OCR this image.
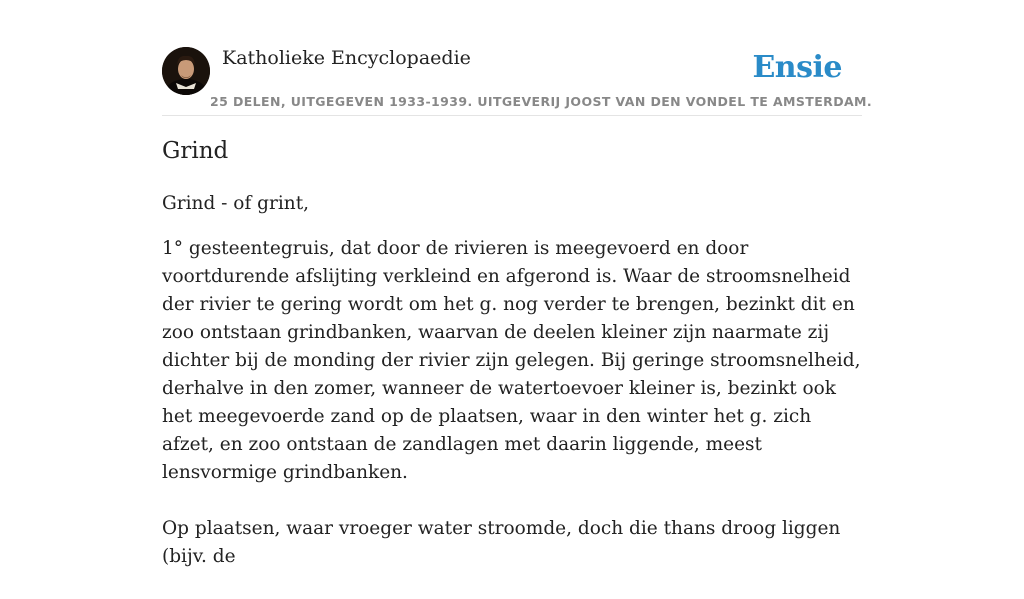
Katholieke Encyclopaedie	Ensie
25 DELEN, UITGEGEVEN 1933-1939. UITGEVERIJ JOOST VAN DEN VONDEL TE AMSTERDAM.
Grind

Grind - of grint,

1° gesteentegruis, dat door de rivieren is meegevoerd en door voortdurende afslijting verkleind en afgerond is. Waar de stroomsnelheid der rivier te gering wordt om het g. nog verder te brengen, bezinkt dit en zoo ontstaan grindbanken, waarvan de deelen kleiner zijn naarmate zij dichter bij de monding der rivier zijn gelegen. Bij geringe stroomsnelheid, derhalve in den zomer, wanneer de watertoevoer kleiner is, bezinkt ook het meegevoerde zand op de plaatsen, waar in den winter het g. zich afzet, en zoo ontstaan de zandlagen met daarin liggende, meest lensvormige grindbanken.

Op plaatsen, waar vroeger water stroomde, doch die thans droog liggen (bijv. de
